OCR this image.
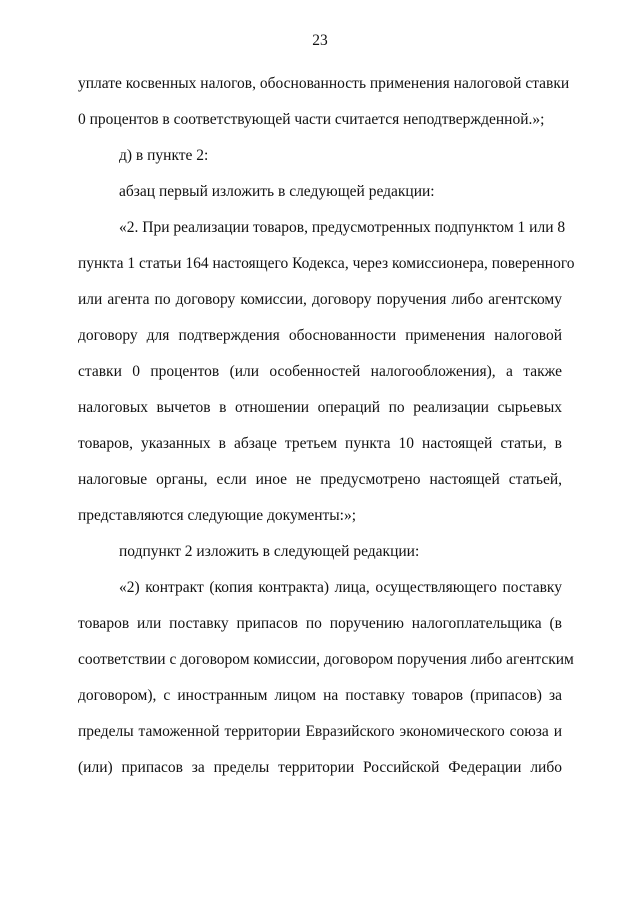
23
уплате косвенных налогов, обоснованность применения налоговой ставки
0 процентов в соответствующей части считается неподтвержденной.»;
д) в пункте 2:
абзац первый изложить в следующей редакции:
«2. При реализации товаров, предусмотренных подпунктом 1 или 8
пункта 1 статьи 164 настоящего Кодекса, через комиссионера, поверенного
или агента по договору комиссии, договору поручения либо агентскому
договору для подтверждения обоснованности применения налоговой
ставки 0 процентов (или особенностей налогообложения), а также
налоговых вычетов в отношении операций по реализации сырьевых
товаров, указанных в абзаце третьем пункта 10 настоящей статьи, в
налоговые органы, если иное не предусмотрено настоящей статьей,
представляются следующие документы:»;
подпункт 2 изложить в следующей редакции:
«2) контракт (копия контракта) лица, осуществляющего поставку
товаров или поставку припасов по поручению налогоплательщика (в
соответствии с договором комиссии, договором поручения либо агентским
договором), с иностранным лицом на поставку товаров (припасов) за
пределы таможенной территории Евразийского экономического союза и
(или) припасов за пределы территории Российской Федерации либо
